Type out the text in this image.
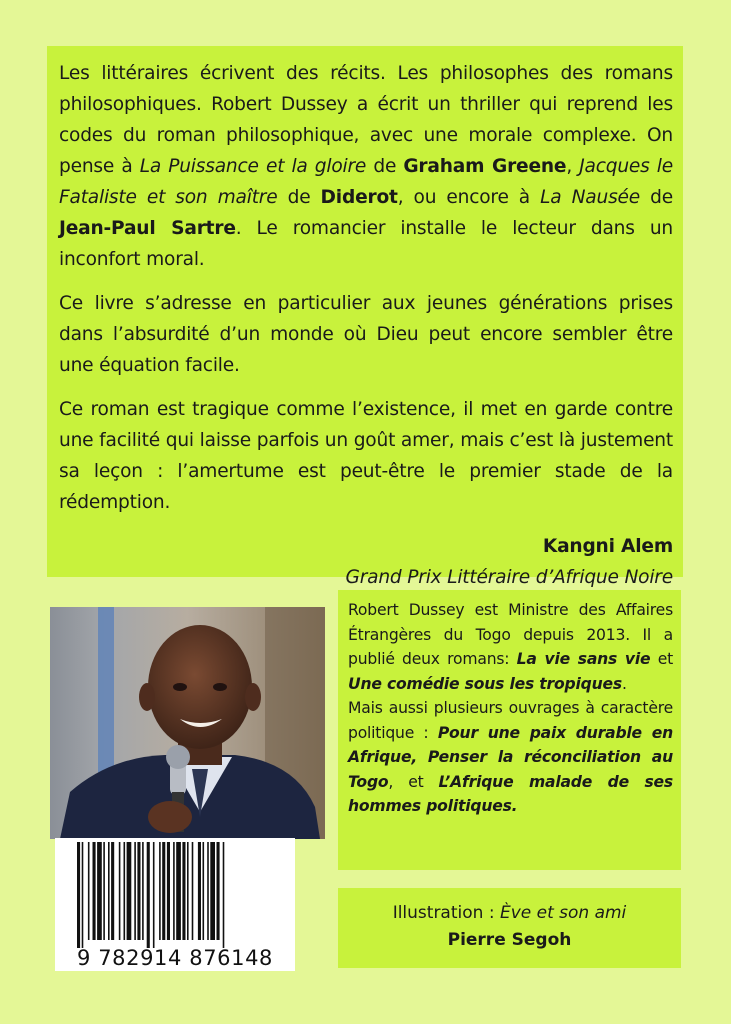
Les littéraires écrivent des récits. Les philosophes des romans philosophiques. Robert Dussey a écrit un thriller qui reprend les codes du roman philosophique, avec une morale complexe. On pense à La Puissance et la gloire de Graham Greene, Jacques le Fataliste et son maître de Diderot, ou encore à La Nausée de Jean-Paul Sartre. Le romancier installe le lecteur dans un inconfort moral.

Ce livre s’adresse en particulier aux jeunes générations prises dans l’absurdité d’un monde où Dieu peut encore sembler être une équation facile.

Ce roman est tragique comme l’existence, il met en garde contre une facilité qui laisse parfois un goût amer, mais c’est là justement sa leçon : l’amertume est peut-être le premier stade de la rédemption.

Kangni Alem
Grand Prix Littéraire d’Afrique Noire

9 782914 876148

Robert Dussey est Ministre des Affaires Étrangères du Togo depuis 2013. Il a publié deux romans: La vie sans vie et Une comédie sous les tropiques.

Mais aussi plusieurs ouvrages à caractère politique : Pour une paix durable en Afrique, Penser la réconciliation au Togo, et L’Afrique malade de ses hommes politiques.

Illustration : Ève et son ami
Pierre Segoh
